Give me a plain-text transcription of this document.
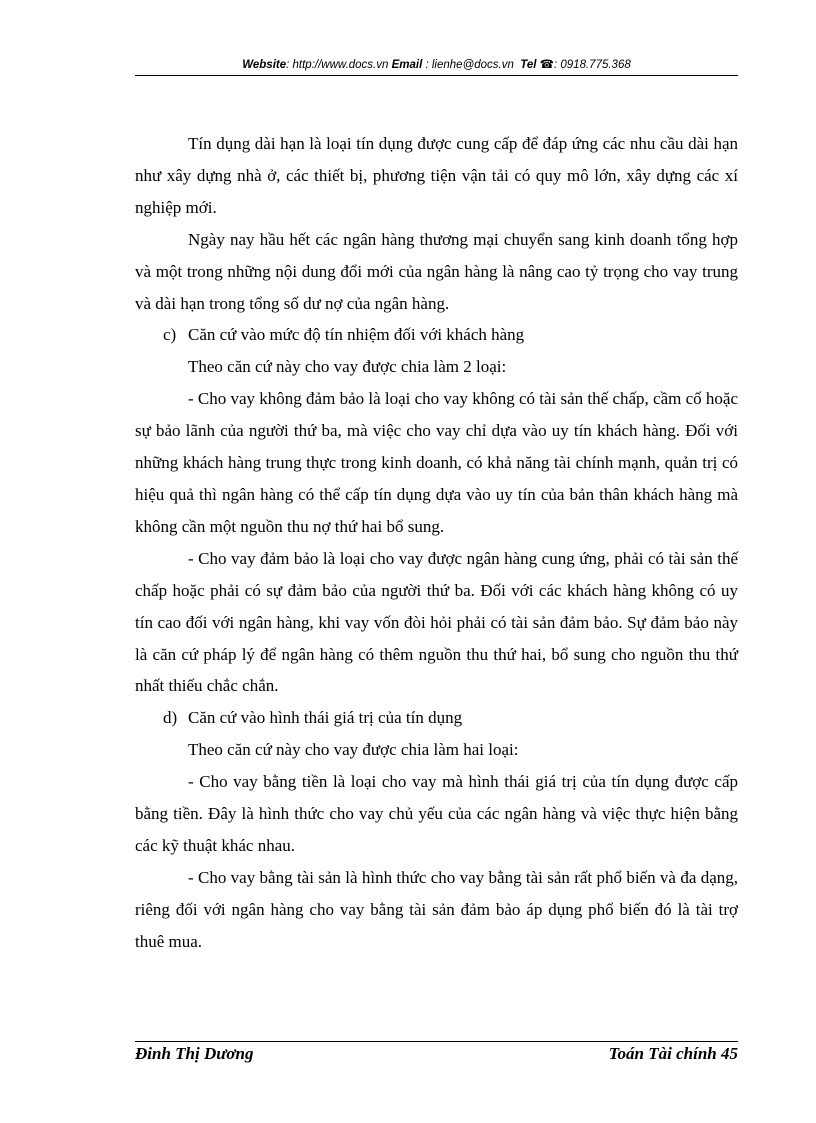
Website: http://www.docs.vn Email : lienhe@docs.vn Tel ☎: 0918.775.368

Tín dụng dài hạn là loại tín dụng được cung cấp để đáp ứng các nhu cầu dài hạn như xây dựng nhà ở, các thiết bị, phương tiện vận tải có quy mô lớn, xây dựng các xí nghiệp mới.

Ngày nay hầu hết các ngân hàng thương mại chuyển sang kinh doanh tổng hợp và một trong những nội dung đổi mới của ngân hàng là nâng cao tỷ trọng cho vay trung và dài hạn trong tổng số dư nợ của ngân hàng.

c) Căn cứ vào mức độ tín nhiệm đối với khách hàng

Theo căn cứ này cho vay được chia làm 2 loại:

- Cho vay không đảm bảo là loại cho vay không có tài sản thế chấp, cầm cố hoặc sự bảo lãnh của người thứ ba, mà việc cho vay chỉ dựa vào uy tín khách hàng. Đối với những khách hàng trung thực trong kinh doanh, có khả năng tài chính mạnh, quản trị có hiệu quả thì ngân hàng có thể cấp tín dụng dựa vào uy tín của bản thân khách hàng mà không cần một nguồn thu nợ thứ hai bổ sung.

- Cho vay đảm bảo là loại cho vay được ngân hàng cung ứng, phải có tài sản thế chấp hoặc phải có sự đảm bảo của người thứ ba. Đối với các khách hàng không có uy tín cao đối với ngân hàng, khi vay vốn đòi hỏi phải có tài sản đảm bảo. Sự đảm bảo này là căn cứ pháp lý để ngân hàng có thêm nguồn thu thứ hai, bổ sung cho nguồn thu thứ nhất thiếu chắc chắn.

d) Căn cứ vào hình thái giá trị của tín dụng

Theo căn cứ này cho vay được chia làm hai loại:

- Cho vay bằng tiền là loại cho vay mà hình thái giá trị của tín dụng được cấp bằng tiền. Đây là hình thức cho vay chủ yếu của các ngân hàng và việc thực hiện bằng các kỹ thuật khác nhau.

- Cho vay bằng tài sản là hình thức cho vay bằng tài sản rất phổ biến và đa dạng, riêng đối với ngân hàng cho vay bằng tài sản đảm bảo áp dụng phổ biến đó là tài trợ thuê mua.

Đinh Thị Dương	Toán Tài chính 45
